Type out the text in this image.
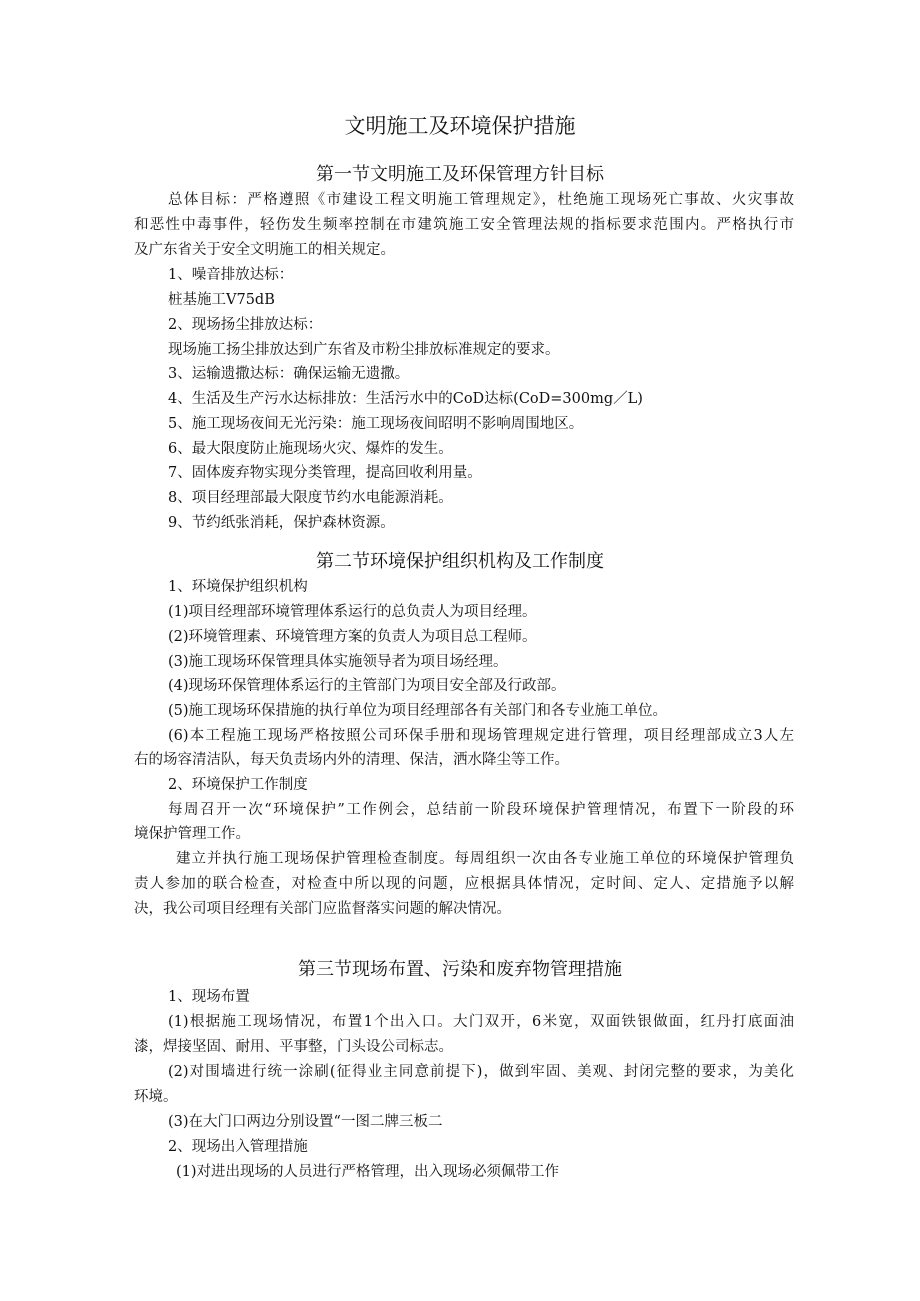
文明施工及环境保护措施
第一节文明施工及环保管理方针目标

总体目标：严格遵照《市建设工程文明施工管理规定》，杜绝施工现场死亡事故、火灾事故

和恶性中毒事件，轻伤发生频率控制在市建筑施工安全管理法规的指标要求范围内。严格执行市

及广东省关于安全文明施工的相关规定。

1、噪音排放达标：

桩基施工V75dB

2、现场扬尘排放达标：

现场施工扬尘排放达到广东省及市粉尘排放标准规定的要求。

3、运输遗撒达标：确保运输无遗撒。

4、生活及生产污水达标排放：生活污水中的CoD达标(CoD=300mg／L)

5、施工现场夜间无光污染：施工现场夜间昭明不影响周围地区。

6、最大限度防止施现场火灾、爆炸的发生。

7、固体废弃物实现分类管理，提高回收利用量。

8、项目经理部最大限度节约水电能源消耗。

9、节约纸张消耗，保护森林资源。

第二节环境保护组织机构及工作制度

1、环境保护组织机构

(1)项目经理部环境管理体系运行的总负责人为项目经理。

(2)环境管理素、环境管理方案的负责人为项目总工程师。

(3)施工现场环保管理具体实施领导者为项目场经理。

(4)现场环保管理体系运行的主管部门为项目安全部及行政部。

(5)施工现场环保措施的执行单位为项目经理部各有关部门和各专业施工单位。

(6)本工程施工现场严格按照公司环保手册和现场管理规定进行管理，项目经理部成立3人左

右的场容清洁队，每天负责场内外的清理、保洁，洒水降尘等工作。

2、环境保护工作制度

每周召开一次“环境保护”工作例会，总结前一阶段环境保护管理情况，布置下一阶段的环

境保护管理工作。

建立并执行施工现场保护管理检查制度。每周组织一次由各专业施工单位的环境保护管理负

责人参加的联合检查，对检查中所以现的问题，应根据具体情况，定时间、定人、定措施予以解

决，我公司项目经理有关部门应监督落实问题的解决情况。

第三节现场布置、污染和废弃物管理措施

1、现场布置

(1)根据施工现场情况，布置1个出入口。大门双开，6米宽，双面铁银做面，红丹打底面油

漆，焊接坚固、耐用、平事整，门头设公司标志。

(2)对围墙进行统一涂刷(征得业主同意前提下)，做到牢固、美观、封闭完整的要求，为美化

环境。

(3)在大门口两边分别设置“一图二牌三板二

2、现场出入管理措施

(1)对进出现场的人员进行严格管理，出入现场必须佩带工作
